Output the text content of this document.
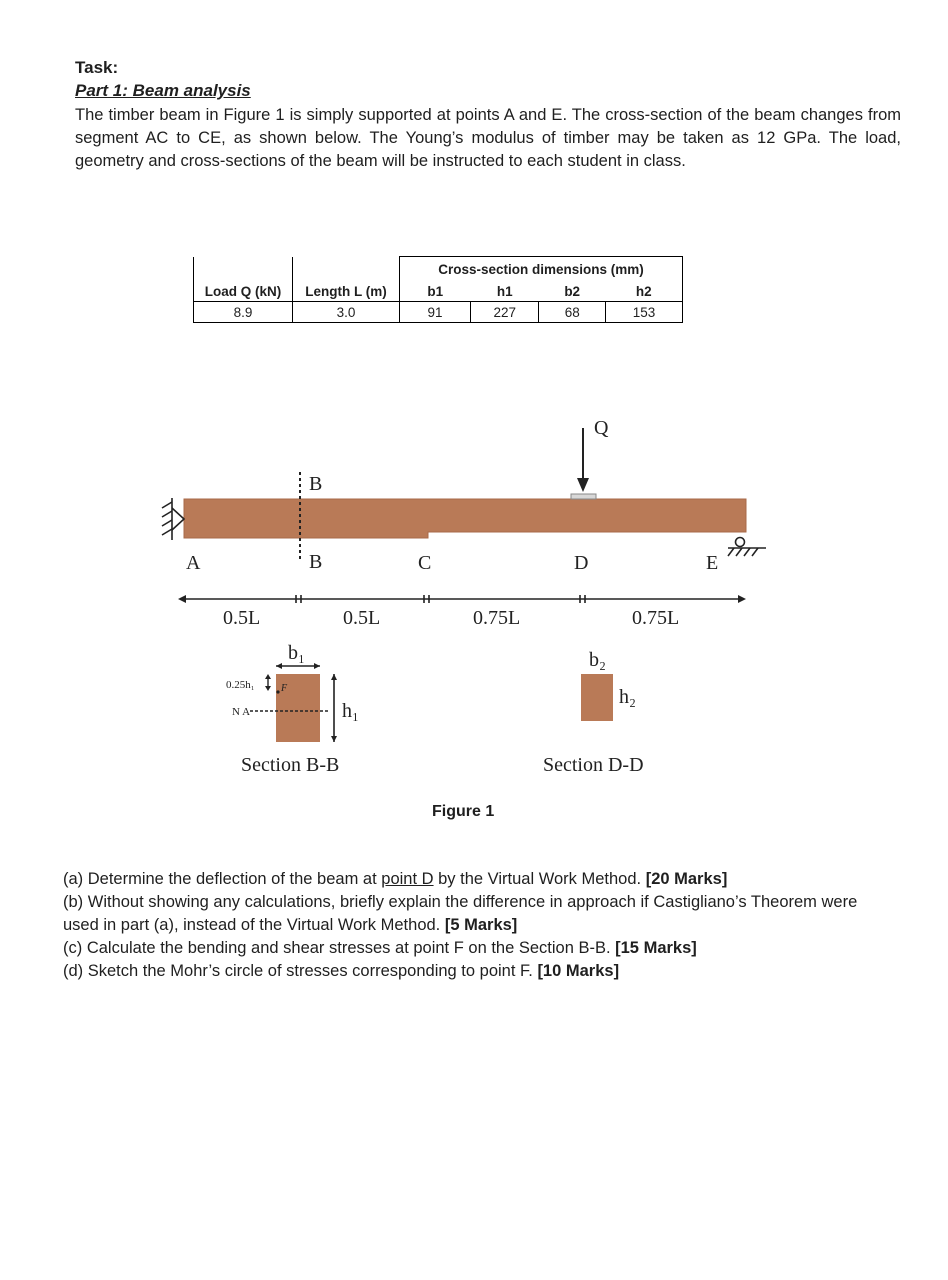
Task:
Part 1: Beam analysis

The timber beam in Figure 1 is simply supported at points A and E. The cross-section of the beam changes from segment AC to CE, as shown below. The Young’s modulus of timber may be taken as 12 GPa. The load, geometry and cross-sections of the beam will be instructed to each student in class.

		Cross-section dimensions (mm)			
Load Q (kN)	Length L (m)	b1	h1	b2	h2
8.9	3.0	91	227	68	153
B
B
A	C	D	E
Q
0.5L	0.5L	0.75L	0.75L
b₁
h₁
N A
0.25h₁	F
Section B-B
b₂
h₂
Section D-D
Figure 1

(a) Determine the deflection of the beam at point D by the Virtual Work Method. [20 Marks]

(b) Without showing any calculations, briefly explain the difference in approach if Castigliano’s Theorem were used in part (a), instead of the Virtual Work Method. [5 Marks]

(c) Calculate the bending and shear stresses at point F on the Section B-B. [15 Marks]

(d) Sketch the Mohr’s circle of stresses corresponding to point F. [10 Marks]
